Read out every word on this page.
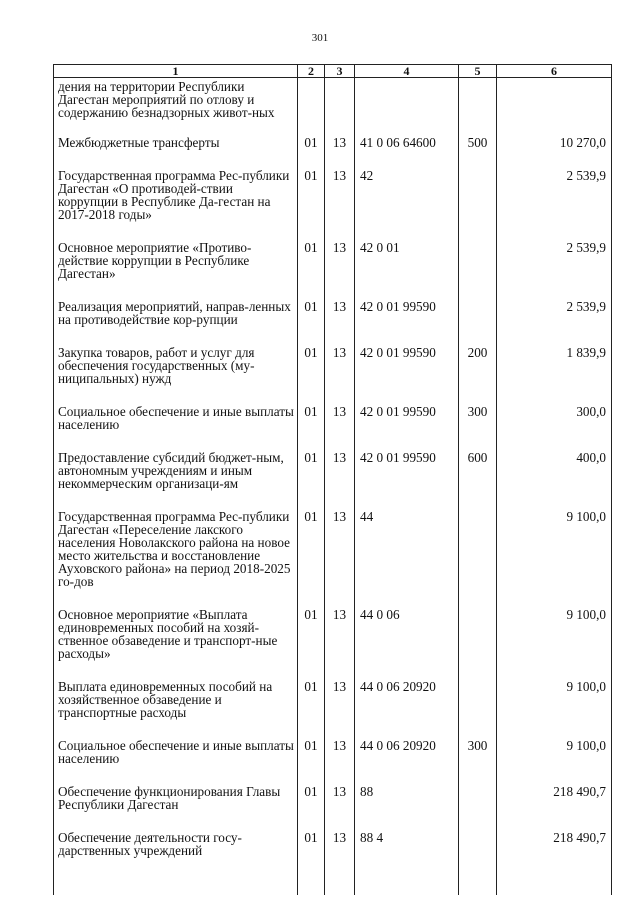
301
1	2	3	4	5	6
дения на территории Республики Дагестан мероприятий по отлову и содержанию безнадзорных живот-ных					
Межбюджетные трансферты	01	13	41 0 06 64600	500	10 270,0
Государственная программа Рес-публики Дагестан «О противодей-ствии коррупции в Республике Да-гестан на 2017-2018 годы»	01	13	42		2 539,9
Основное мероприятие «Противо-действие коррупции в Республике Дагестан»	01	13	42 0 01		2 539,9
Реализация мероприятий, направ-ленных на противодействие кор-рупции	01	13	42 0 01 99590		2 539,9
Закупка товаров, работ и услуг для обеспечения государственных (му-ниципальных) нужд	01	13	42 0 01 99590	200	1 839,9
Социальное обеспечение и иные выплаты населению	01	13	42 0 01 99590	300	300,0
Предоставление субсидий бюджет-ным, автономным учреждениям и иным некоммерческим организаци-ям	01	13	42 0 01 99590	600	400,0
Государственная программа Рес-публики Дагестан «Переселение лакского населения Новолакского района на новое место жительства и восстановление Ауховского района» на период 2018-2025 го-дов	01	13	44		9 100,0
Основное мероприятие «Выплата единовременных пособий на хозяй-ственное обзаведение и транспорт-ные расходы»	01	13	44 0 06		9 100,0
Выплата единовременных пособий на хозяйственное обзаведение и транспортные расходы	01	13	44 0 06 20920		9 100,0
Социальное обеспечение и иные выплаты населению	01	13	44 0 06 20920	300	9 100,0
Обеспечение функционирования Главы Республики Дагестан	01	13	88		218 490,7
Обеспечение деятельности госу-дарственных учреждений	01	13	88 4		218 490,7
